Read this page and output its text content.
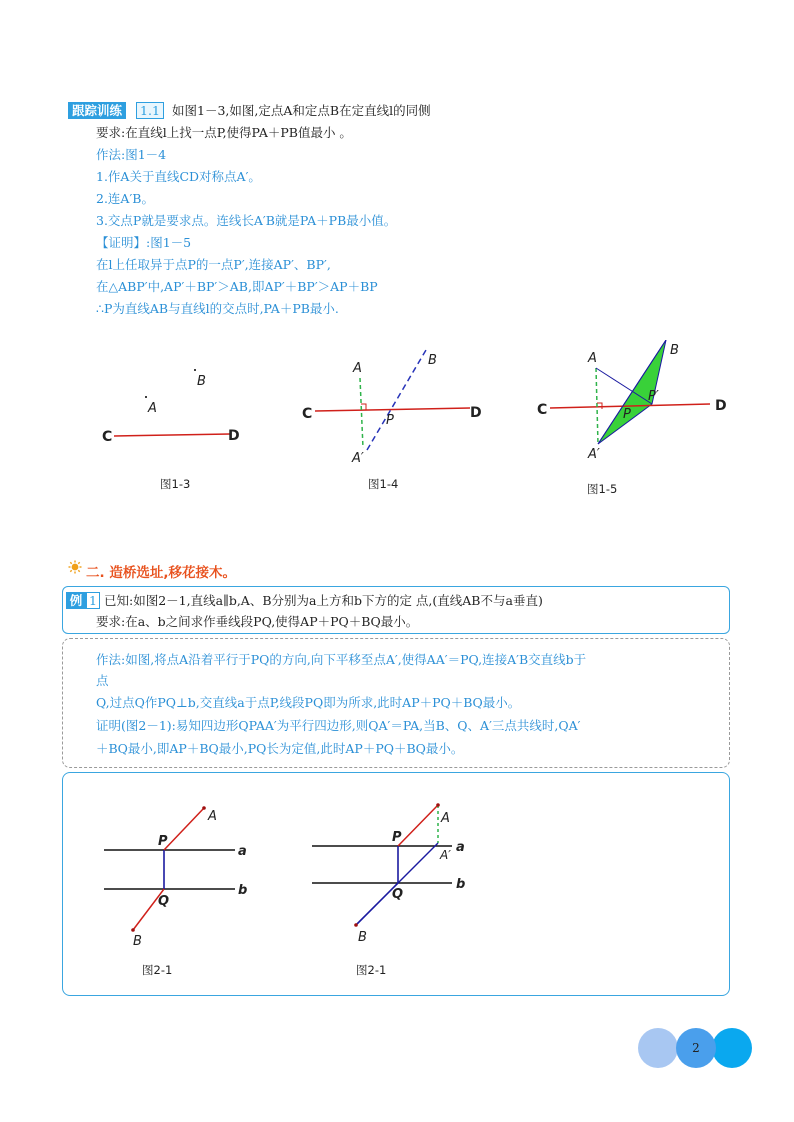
跟踪训练	1.1 如图1－3,如图,定点A和定点B在定直线l的同侧
要求:在直线l上找一点P,使得PA＋PB值最小 。
作法:图1－4
1.作A关于直线CD对称点A′。
2.连A′B。
3.交点P就是要求点。连线长A′B就是PA＋PB最小值。
【证明】:图1－5
在l上任取异于点P的一点P′,连接AP′、BP′,
在△ABP′中,AP′＋BP′＞AB,即AP′＋BP′＞AP＋BP
∴P为直线AB与直线l的交点时,PA＋PB最小.
B
A
C	D
C	D
A
B
P
A′
C	D
A
B
P
P′
A′
图1-3	图1-4	图1-5
二. 造桥选址,移花接木。
例 1 已知:如图2－1,直线a∥b,A、B分别为a上方和b下方的定 点,(直线AB不与a垂直)
要求:在a、b之间求作垂线段PQ,使得AP＋PQ＋BQ最小。
作法:如图,将点A沿着平行于PQ的方向,向下平移至点A′,使得AA′＝PQ,连接A′B交直线b于
点
Q,过点Q作PQ⊥b,交直线a于点P,线段PQ即为所求,此时AP＋PQ＋BQ最小。
证明(图2－1):易知四边形QPAA′为平行四边形,则QA′＝PA,当B、Q、A′三点共线时,QA′
＋BQ最小,即AP＋BQ最小,PQ长为定值,此时AP＋PQ＋BQ最小。
A
P
a
b
Q
B
A
P
A′ a
b
Q
B
图2-1	图2-1
2
